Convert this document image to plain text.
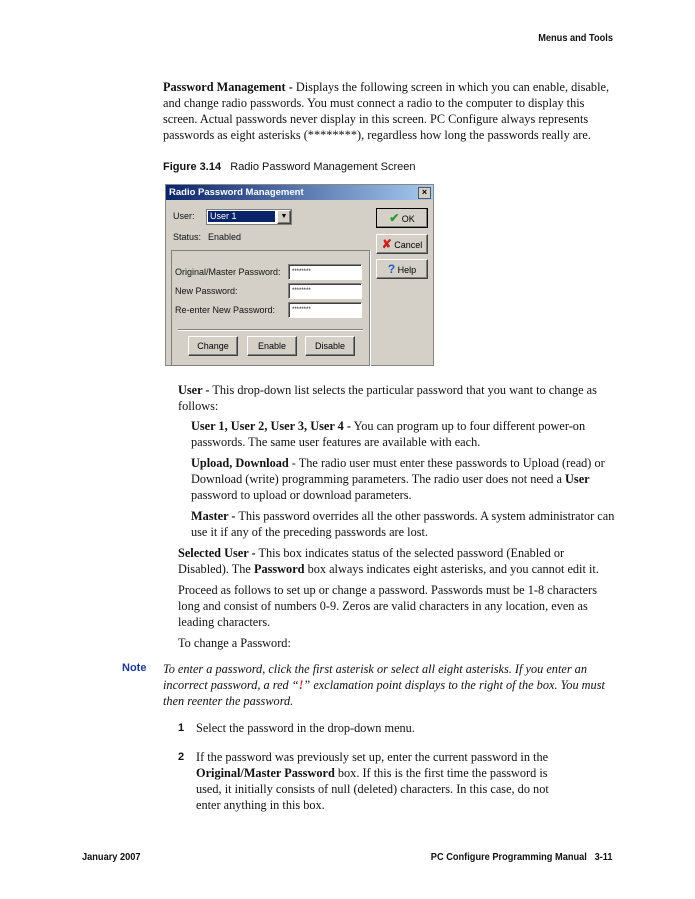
Menus and Tools

Password Management - Displays the following screen in which you can enable, disable, and change radio passwords. You must connect a radio to the computer to display this screen. Actual passwords never display in this screen. PC Configure always represents passwords as eight asterisks (********), regardless how long the passwords really are.

Figure 3.14 Radio Password Management Screen
Radio Password Management	×
User: User 1	▼
Status: Enabled
Original/Master Password:	********
New Password:	********
Re-enter New Password:	********
Change	Enable	Disable
✔ OK
✘ Cancel
? Help

User - This drop-down list selects the particular password that you want to change as follows:

User 1, User 2, User 3, User 4 - You can program up to four different power-on passwords. The same user features are available with each.

Upload, Download - The radio user must enter these passwords to Upload (read) or Download (write) programming parameters. The radio user does not need a User password to upload or download parameters.

Master - This password overrides all the other passwords. A system administrator can use it if any of the preceding passwords are lost.

Selected User - This box indicates status of the selected password (Enabled or Disabled). The Password box always indicates eight asterisks, and you cannot edit it.

Proceed as follows to set up or change a password. Passwords must be 1-8 characters long and consist of numbers 0-9. Zeros are valid characters in any location, even as leading characters.

To change a Password:

Note To enter a password, click the first asterisk or select all eight asterisks. If you enter an incorrect password, a red “!” exclamation point displays to the right of the box. You must then reenter the password.

1 Select the password in the drop-down menu.

2 If the password was previously set up, enter the current password in the Original/Master Password box. If this is the first time the password is used, it initially consists of null (deleted) characters. In this case, do not enter anything in this box.

January 2007	PC Configure Programming Manual 3-11
